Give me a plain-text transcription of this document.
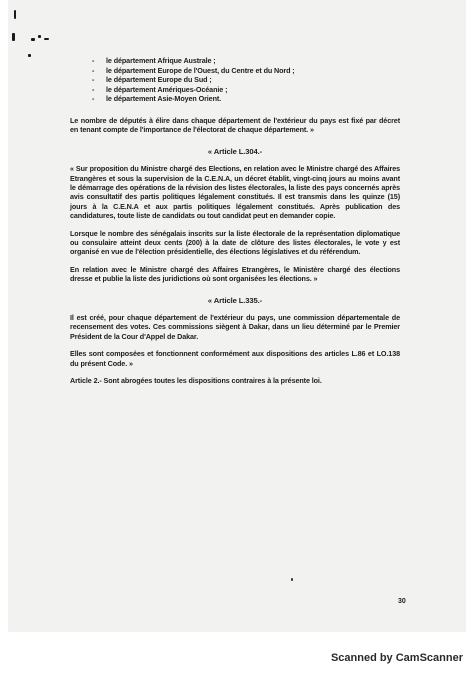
- le département Afrique Australe ;
- le département Europe de l'Ouest, du Centre et du Nord ;
- le département Europe du Sud ;
- le département Amériques-Océanie ;
- le département Asie-Moyen Orient.

Le nombre de députés à élire dans chaque département de l'extérieur du pays est fixé par décret en tenant compte de l'importance de l'électorat de chaque département. »

« Article L.304.-

« Sur proposition du Ministre chargé des Elections, en relation avec le Ministre chargé des Affaires Etrangères et sous la supervision de la C.E.N.A, un décret établit, vingt-cinq jours au moins avant le démarrage des opérations de la révision des listes électorales, la liste des pays concernés après avis consultatif des partis politiques légalement constitués. Il est transmis dans les quinze (15) jours à la C.E.N.A et aux partis politiques légalement constitués. Après publication des candidatures, toute liste de candidats ou tout candidat peut en demander copie.

Lorsque le nombre des sénégalais inscrits sur la liste électorale de la représentation diplomatique ou consulaire atteint deux cents (200) à la date de clôture des listes électorales, le vote y est organisé en vue de l'élection présidentielle, des élections législatives et du référendum.

En relation avec le Ministre chargé des Affaires Etrangères, le Ministère chargé des élections dresse et publie la liste des juridictions où sont organisées les élections. »

« Article L.335.-

Il est créé, pour chaque département de l'extérieur du pays, une commission départementale de recensement des votes. Ces commissions siègent à Dakar, dans un lieu déterminé par le Premier Président de la Cour d'Appel de Dakar.

Elles sont composées et fonctionnent conformément aux dispositions des articles L.86 et LO.138 du présent Code. »

Article 2.- Sont abrogées toutes les dispositions contraires à la présente loi.

30
Scanned by CamScanner
